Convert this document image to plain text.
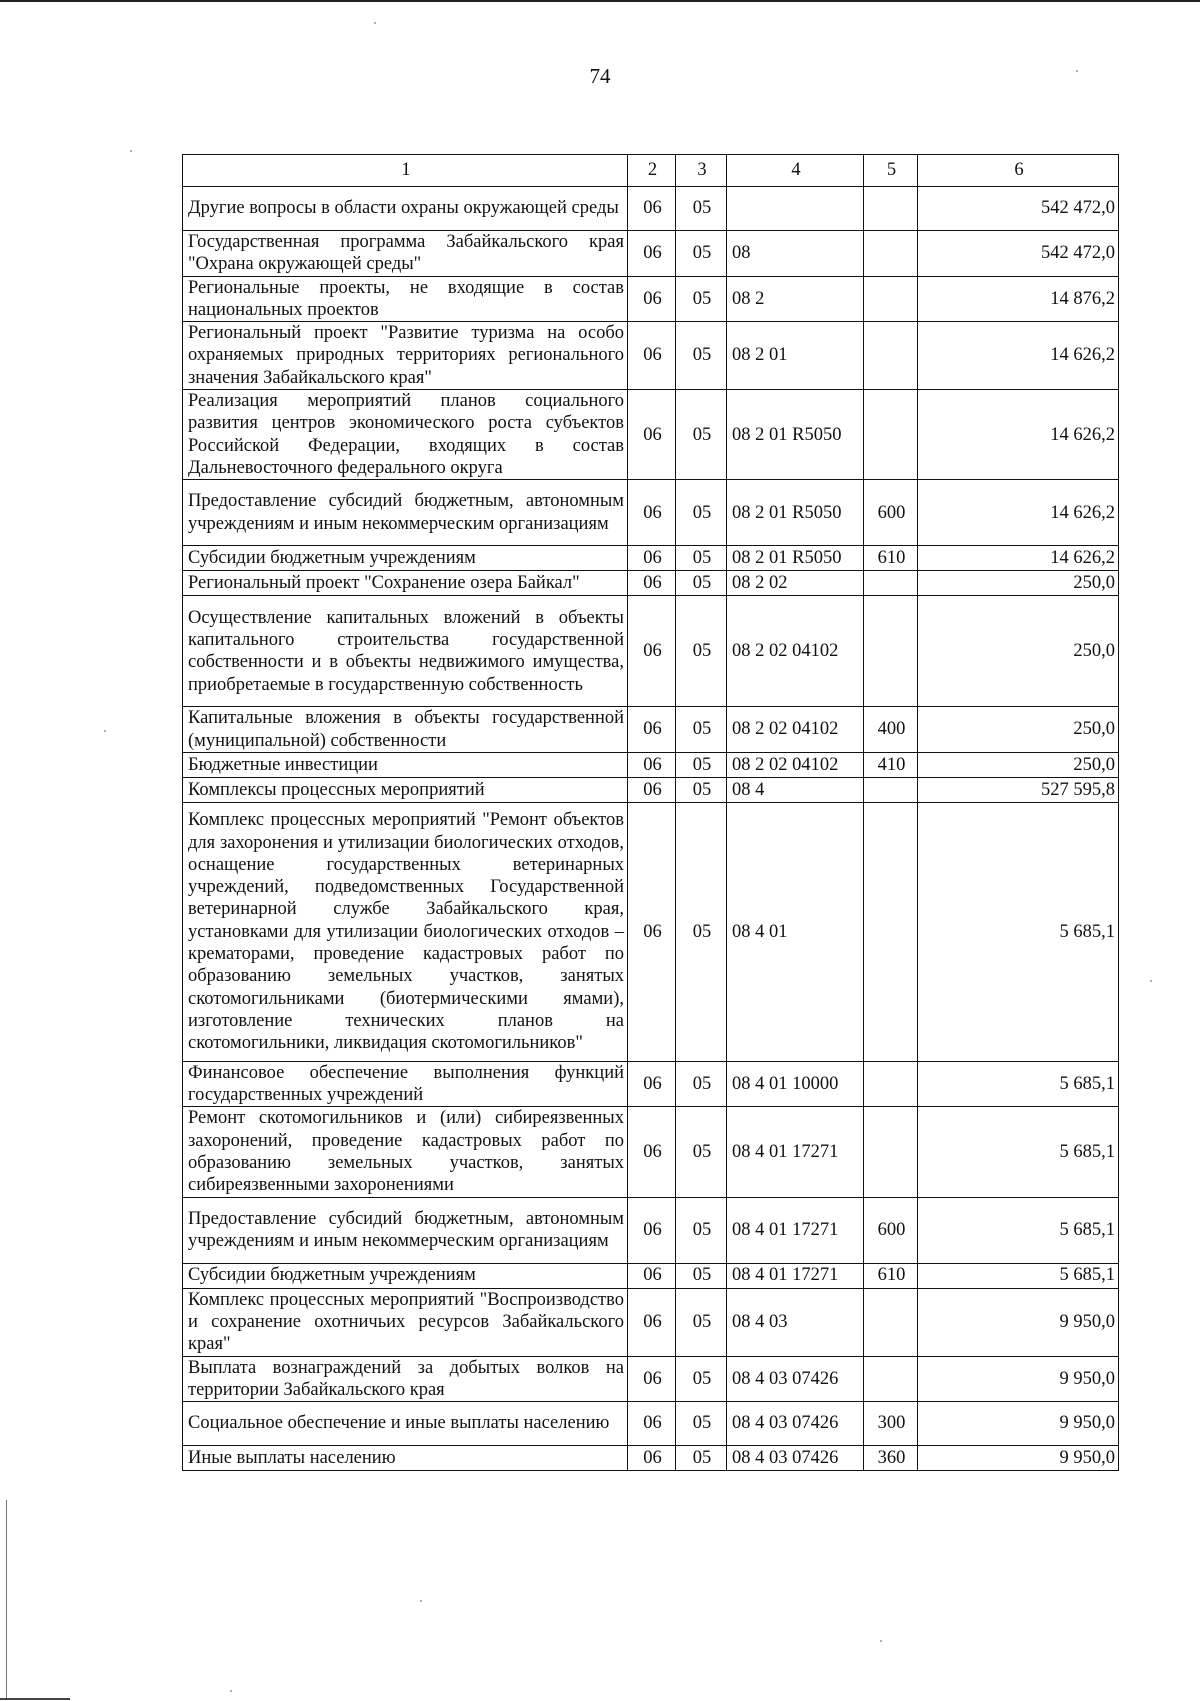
74
1	2	3	4	5	6
Другие вопросы в области охраны окружающей среды	06	05			542 472,0
Государственная программа Забайкальского края "Охрана окружающей среды"	06	05	08		542 472,0
Региональные проекты, не входящие в состав национальных проектов	06	05	08 2		14 876,2
Региональный проект "Развитие туризма на особо охраняемых природных территориях регионального значения Забайкальского края"	06	05	08 2 01		14 626,2
Реализация мероприятий планов социального развития центров экономического роста субъектов Российской Федерации, входящих в состав Дальневосточного федерального округа	06	05	08 2 01 R5050		14 626,2
Предоставление субсидий бюджетным, автономным учреждениям и иным некоммерческим организациям	06	05	08 2 01 R5050	600	14 626,2
Субсидии бюджетным учреждениям	06	05	08 2 01 R5050	610	14 626,2
Региональный проект "Сохранение озера Байкал"	06	05	08 2 02		250,0
Осуществление капитальных вложений в объекты капитального строительства государственной собственности и в объекты недвижимого имущества, приобретаемые в государственную собственность	06	05	08 2 02 04102		250,0
Капитальные вложения в объекты государственной (муниципальной) собственности	06	05	08 2 02 04102	400	250,0
Бюджетные инвестиции	06	05	08 2 02 04102	410	250,0
Комплексы процессных мероприятий	06	05	08 4		527 595,8
Комплекс процессных мероприятий "Ремонт объектов для захоронения и утилизации биологических отходов, оснащение государственных ветеринарных учреждений, подведомственных Государственной ветеринарной службе Забайкальского края, установками для утилизации биологических отходов – крематорами, проведение кадастровых работ по образованию земельных участков, занятых скотомогильниками (биотермическими ямами), изготовление технических планов на скотомогильники, ликвидация скотомогильников"	06	05	08 4 01		5 685,1
Финансовое обеспечение выполнения функций государственных учреждений	06	05	08 4 01 10000		5 685,1
Ремонт скотомогильников и (или) сибиреязвенных захоронений, проведение кадастровых работ по образованию земельных участков, занятых сибиреязвенными захоронениями	06	05	08 4 01 17271		5 685,1
Предоставление субсидий бюджетным, автономным учреждениям и иным некоммерческим организациям	06	05	08 4 01 17271	600	5 685,1
Субсидии бюджетным учреждениям	06	05	08 4 01 17271	610	5 685,1
Комплекс процессных мероприятий "Воспроизводство и сохранение охотничьих ресурсов Забайкальского края"	06	05	08 4 03		9 950,0
Выплата вознаграждений за добытых волков на территории Забайкальского края	06	05	08 4 03 07426		9 950,0
Социальное обеспечение и иные выплаты населению	06	05	08 4 03 07426	300	9 950,0
Иные выплаты населению	06	05	08 4 03 07426	360	9 950,0
